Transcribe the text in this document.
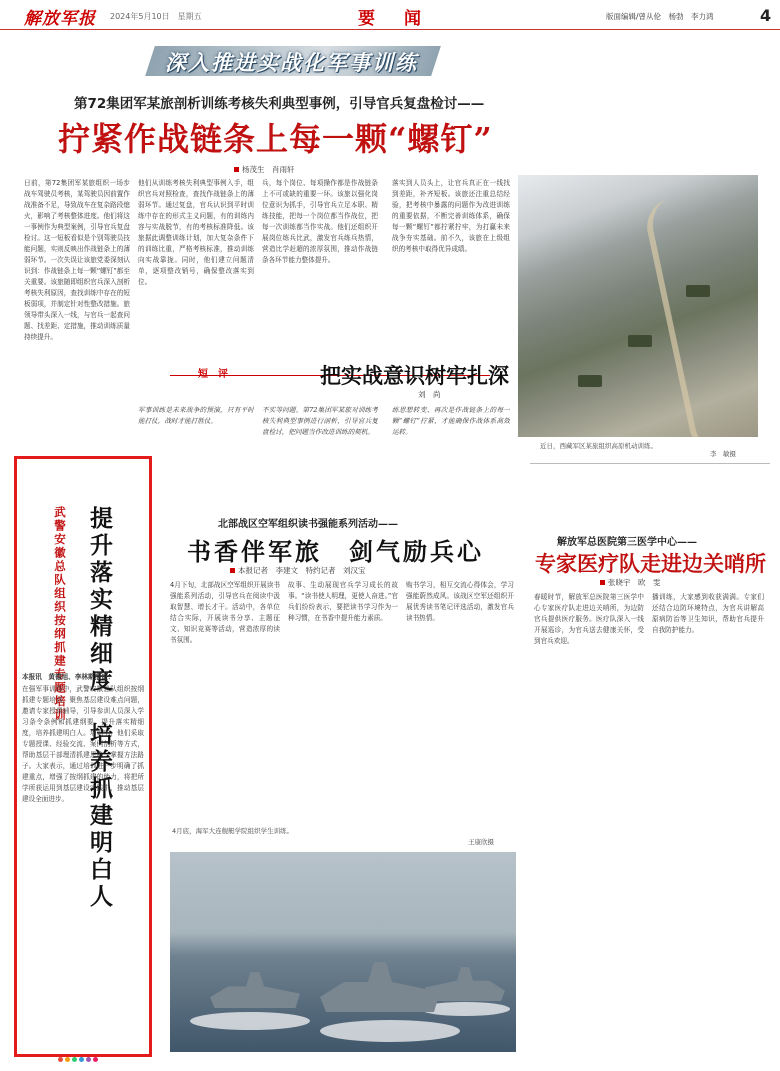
解放军报 2024年5月10日　星期五	要　闻	版面编辑/曾从伦　杨勃　李力鸿	4
深入推进实战化军事训练
第72集团军某旅剖析训练考核失利典型事例，引导官兵复盘检讨——
拧紧作战链条上每一颗“螺钉”
杨茂生　肖雨轩
日前，第72集团军某旅组织一场步战车驾驶员考核，某驾驶员因前置作战准备不足，导致战车在复杂路段熄火，影响了考核整体进度。他们将这一事例作为典型案例，引导官兵复盘检讨。这一短板看似是个别驾驶员技能问题，实则反映出作战链条上的薄弱环节。一次失误让该旅党委深刻认识到：作战链条上每一颗“螺钉”都至关重要。该旅随即组织官兵深入剖析考核失利原因，查找训练中存在的短板弱项，并制定针对性整改措施。旅领导带头深入一线，与官兵一起查问题、找差距、定措施，推动训练质量持续提升。
他们从训练考核失利典型事例入手，组织官兵对照检查，查找作战链条上的薄弱环节。通过复盘，官兵认识到平时训练中存在的形式主义问题，有的训练内容与实战脱节，有的考核标准降低。该旅据此调整训练计划，加大复杂条件下的训练比重，严格考核标准，推动训练向实战靠拢。同时，他们建立问题清单，逐项整改销号，确保整改落实到位。
兵，每个岗位、每项操作都是作战链条上不可或缺的重要一环。该旅以强化岗位意识为抓手，引导官兵立足本职、精练技能，把每一个岗位都当作战位，把每一次训练都当作实战。他们还组织开展岗位练兵比武，激发官兵练兵热情，营造比学赶超的浓厚氛围，推动作战链条各环节能力整体提升。
落实到人员头上，让官兵真正在一线找到差距，补齐短板。该旅还注重总结经验，把考核中暴露的问题作为改进训练的重要依据，不断完善训练体系，确保每一颗“螺钉”都拧紧拧牢，为打赢未来战争夯实基础。前不久，该旅在上级组织的考核中取得优异成绩。
近日，西藏军区某旅组织高原机动训练。
李　敏摄
短　评	把实战意识树牢扎深
刘　尚
军事训练是未来战争的预演，只有平时能打仗，战时才能打胜仗。
不实等问题。第72集团军某旅对训练考核失利典型事例进行剖析，引导官兵复盘检讨，把问题当作改进训练的契机。
练思想转变、再次是作战链条上的每一颗“螺钉”拧紧，才能确保作战体系高效运转。
提升落实精细度　培养抓建明白人
武警安徽总队组织按纲抓建专题培训
本报讯　黄德旭、李林斯报道：
在强军事训练中，武警安徽总队组织按纲抓建专题培训，聚焦基层建设难点问题，邀请专家授课辅导，引导参训人员深入学习条令条例和抓建纲要，提升落实精细度，培养抓建明白人。培训中，他们采取专题授课、经验交流、案例剖析等方式，帮助基层干部理清抓建思路、掌握方法路子。大家表示，通过培训进一步明确了抓建重点，增强了按纲抓建的能力，将把所学所获运用到基层建设实践中，推动基层建设全面进步。
北部战区空军组织读书强能系列活动——
书香伴军旅　剑气励兵心
本报记者　李建文　特约记者　刘汉宝
4月下旬，北部战区空军组织开展读书强能系列活动，引导官兵在阅读中汲取智慧、增长才干。活动中，各单位结合实际，开展读书分享、主题征文、知识竞赛等活动，营造浓厚的读书氛围。
故事、生动展现官兵学习成长的故事。“读书使人明理，更使人奋进。”官兵们纷纷表示，要把读书学习作为一种习惯，在书香中提升能力素质。
购书学习，相互交流心得体会，学习强能蔚然成风。该战区空军还组织开展优秀读书笔记评选活动，激发官兵读书热情。
4月底，海军大连舰艇学院组织学生训练。
王康欣摄
解放军总医院第三医学中心——
专家医疗队走进边关哨所
张晓宇　欧　雯
春暖时节，解放军总医院第三医学中心专家医疗队走进边关哨所，为边防官兵提供医疗服务。医疗队深入一线开展巡诊，为官兵送去健康关怀，受到官兵欢迎。
播训练，大家感到收获满满。专家们还结合边防环境特点，为官兵讲解高原病防治等卫生知识，帮助官兵提升自我防护能力。
